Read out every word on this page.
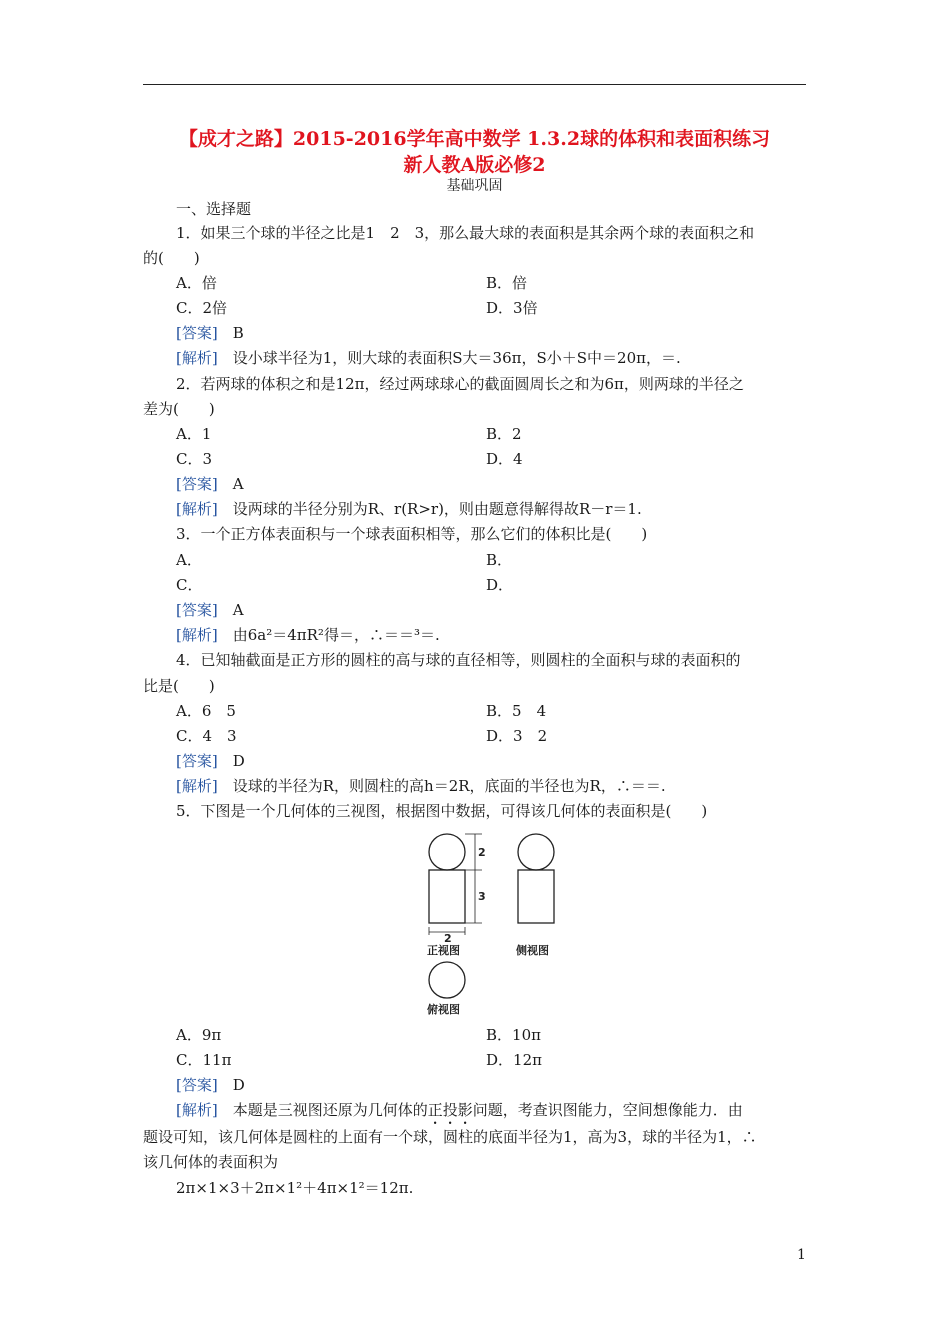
【成才之路】2015-2016学年高中数学 1.3.2球的体积和表面积练习
新人教A版必修2
基础巩固
一、选择题
1．如果三个球的半径之比是1　2　3，那么最大球的表面积是其余两个球的表面积之和
的(　　)
A．倍	B．倍
C．2倍	D．3倍
[答案]　 B
[解析]　 设小球半径为1，则大球的表面积S大＝36π，S小＋S中＝20π，＝.
2．若两球的体积之和是12π，经过两球球心的截面圆周长之和为6π，则两球的半径之
差为(　　)
A．1	B．2
C．3	D．4
[答案]　 A
[解析]　 设两球的半径分别为R、r(R>r)，则由题意得解得故R－r＝1.
3．一个正方体表面积与一个球表面积相等，那么它们的体积比是(　　)
A．	B．
C．	D．
[答案]　 A
[解析]　 由6a²＝4πR²得＝，∴＝＝³＝.
4．已知轴截面是正方形的圆柱的高与球的直径相等，则圆柱的全面积与球的表面积的
比是(　　)
A．6　5	B．5　4
C．4　3	D．3　2
[答案]　 D
[解析]　 设球的半径为R，则圆柱的高h＝2R，底面的半径也为R，∴＝＝.
5．下图是一个几何体的三视图，根据图中数据，可得该几何体的表面积是(　　)
2
3
2
正视图	侧视图
俯视图
A．9π	B．10π
C．11π	D．12π
[答案]　 D
[解析]　 本题是三视图还原为几何体的正投影问题，考查识图能力，空间想像能力．由
题设可知，该几何体是圆柱的上面有一个球，圆柱的底面半径为1，高为3，球的半径为1，∴
该几何体的表面积为
2π×1×3＋2π×1²＋4π×1²＝12π.
1
